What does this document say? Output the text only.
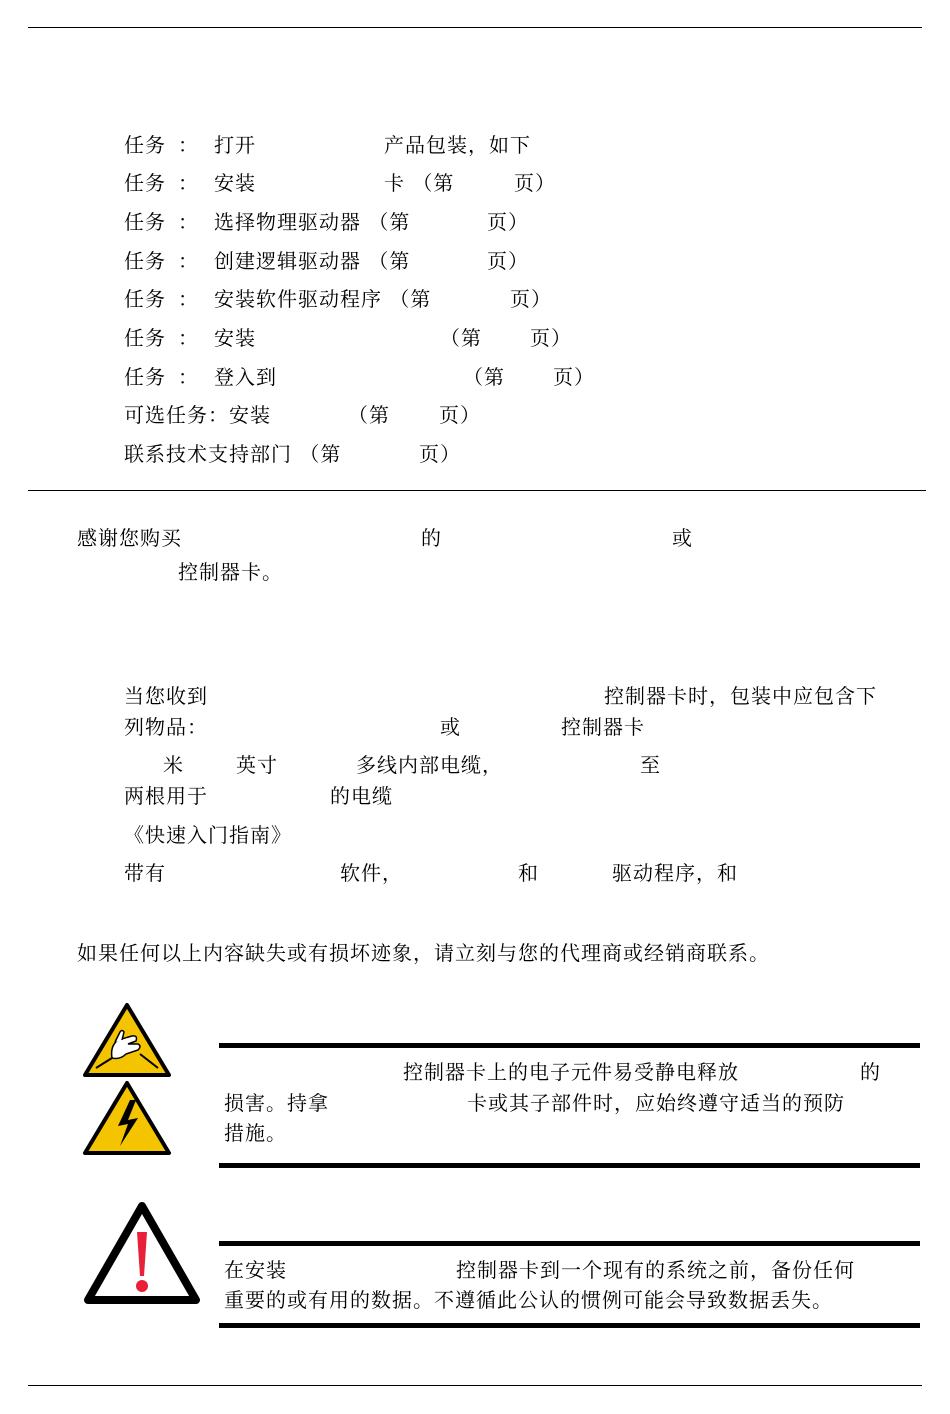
任务 ： 打开	产品包装，如下
任务 ： 安装	卡 （第	页）
任务 ： 选择物理驱动器 （第	页）
任务 ： 创建逻辑驱动器 （第	页）
任务 ： 安装软件驱动程序 （第	页）
任务 ： 安装	（第 页）
任务 ： 登入到	（第 页）
可选任务：安装	（第 页）
联系技术支持部门 （第	页）
感谢您购买	的	或
控制器卡。
当您收到	控制器卡时，包装中应包含下
列物品：	或	控制器卡
米	英寸	多线内部电缆，	至
两根用于	的电缆
《快速入门指南》
带有	软件，	和	驱动程序，和
如果任何以上内容缺失或有损坏迹象，请立刻与您的代理商或经销商联系。
控制器卡上的电子元件易受静电释放	的
损害。持拿	卡或其子部件时，应始终遵守适当的预防
措施。
在安装	控制器卡到一个现有的系统之前，备份任何
重要的或有用的数据。不遵循此公认的惯例可能会导致数据丢失。
